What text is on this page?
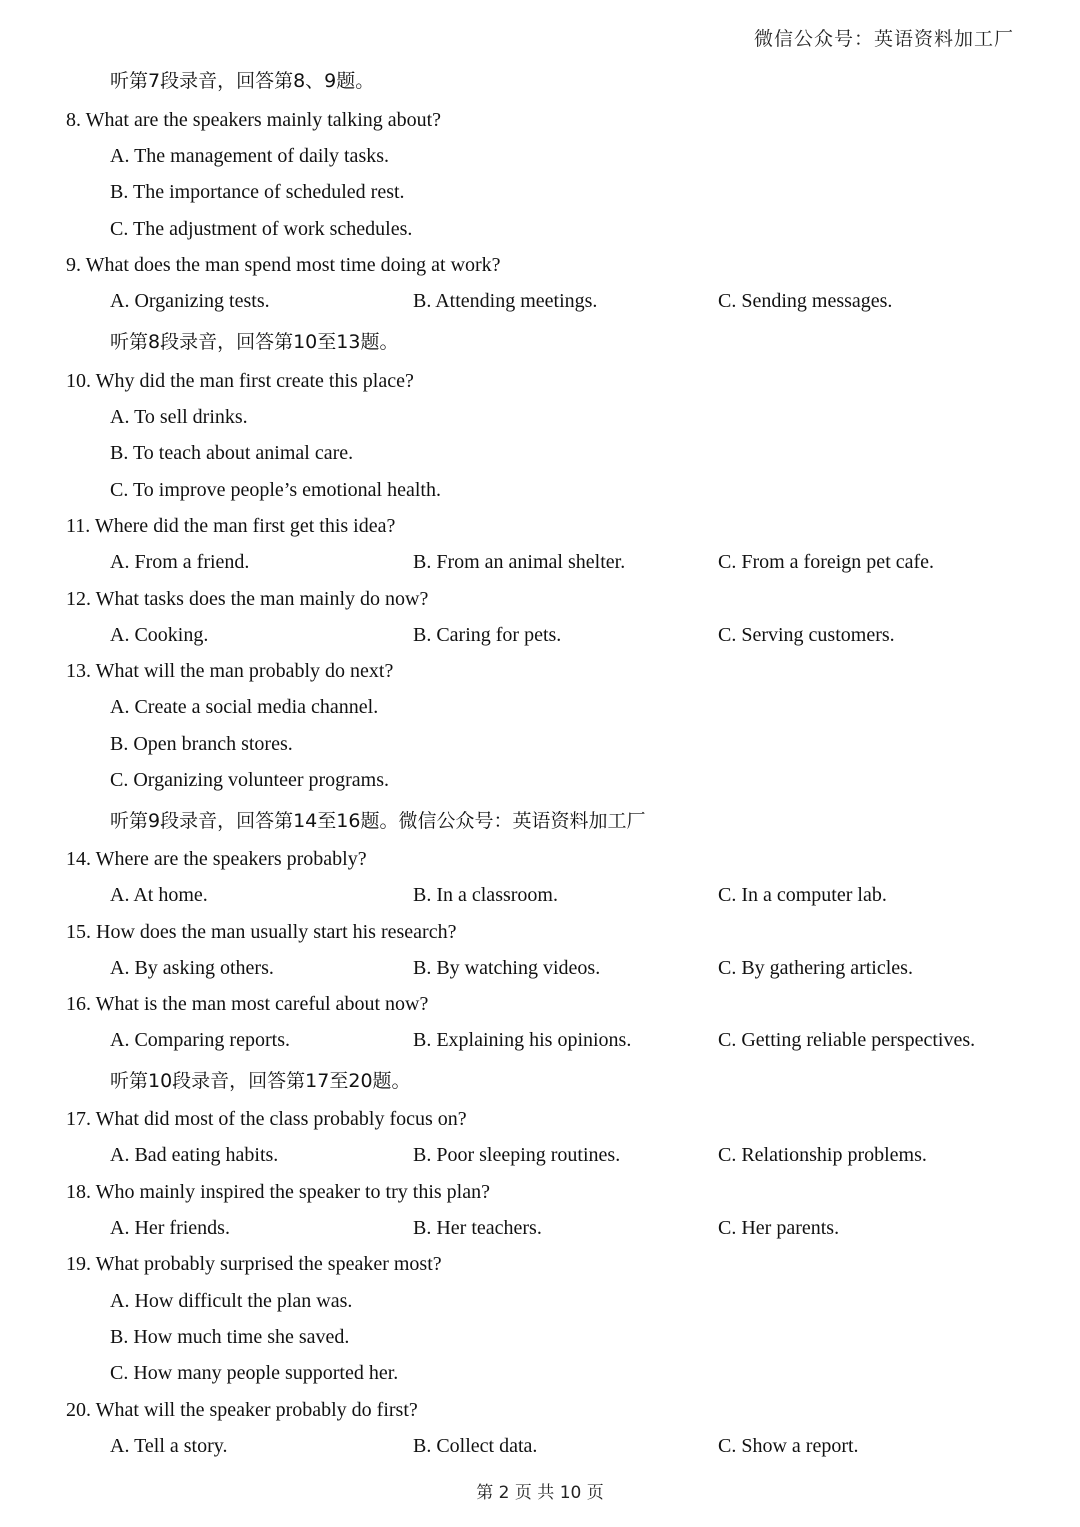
微信公众号：英语资料加工厂
听第7段录音，回答第8、9题。
8. What are the speakers mainly talking about?
A. The management of daily tasks.
B. The importance of scheduled rest.
C. The adjustment of work schedules.
9. What does the man spend most time doing at work?
A. Organizing tests.	B. Attending meetings.	C. Sending messages.
听第8段录音，回答第10至13题。
10. Why did the man first create this place?
A. To sell drinks.
B. To teach about animal care.
C. To improve people’s emotional health.
11. Where did the man first get this idea?
A. From a friend.	B. From an animal shelter.	C. From a foreign pet cafe.
12. What tasks does the man mainly do now?
A. Cooking.	B. Caring for pets.	C. Serving customers.
13. What will the man probably do next?
A. Create a social media channel.
B. Open branch stores.
C. Organizing volunteer programs.
听第9段录音，回答第14至16题。微信公众号：英语资料加工厂
14. Where are the speakers probably?
A. At home.	B. In a classroom.	C. In a computer lab.
15. How does the man usually start his research?
A. By asking others.	B. By watching videos.	C. By gathering articles.
16. What is the man most careful about now?
A. Comparing reports.	B. Explaining his opinions.	C. Getting reliable perspectives.
听第10段录音，回答第17至20题。
17. What did most of the class probably focus on?
A. Bad eating habits.	B. Poor sleeping routines.	C. Relationship problems.
18. Who mainly inspired the speaker to try this plan?
A. Her friends.	B. Her teachers.	C. Her parents.
19. What probably surprised the speaker most?
A. How difficult the plan was.
B. How much time she saved.
C. How many people supported her.
20. What will the speaker probably do first?
A. Tell a story.	B. Collect data.	C. Show a report.
第 2 页 共 10 页
